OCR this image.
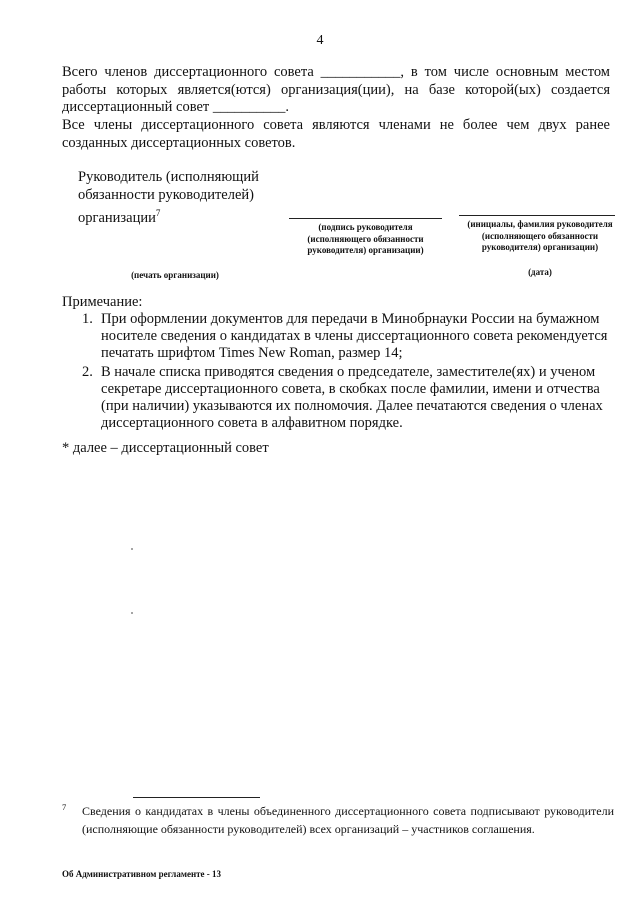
4
Всего членов диссертационного совета ___________, в том числе основным местом работы которых является(ются) организация(ции), на базе которой(ых) создается диссертационный совет __________.
Все члены диссертационного совета являются членами не более чем двух ранее созданных диссертационных советов.
Руководитель (исполняющий обязанности руководителей) организации$^7$
(подпись руководителя (исполняющего обязанности руководителя) организации)
(инициалы, фамилия руководителя (исполняющего обязанности руководителя) организации)
(дата)
(печать организации)
Примечание:
1. При оформлении документов для передачи в Минобрнауки России на бумажном носителе сведения о кандидатах в члены диссертационного совета рекомендуется печатать шрифтом Times New Roman, размер 14;
2. В начале списка приводятся сведения о председателе, заместителе(ях) и ученом секретаре диссертационного совета, в скобках после фамилии, имени и отчества (при наличии) указываются их полномочия. Далее печатаются сведения о членах диссертационного совета в алфавитном порядке.
* далее – диссертационный совет
7 Сведения о кандидатах в члены объединенного диссертационного совета подписывают руководители (исполняющие обязанности руководителей) всех организаций – участников соглашения.
Об Административном регламенте - 13
